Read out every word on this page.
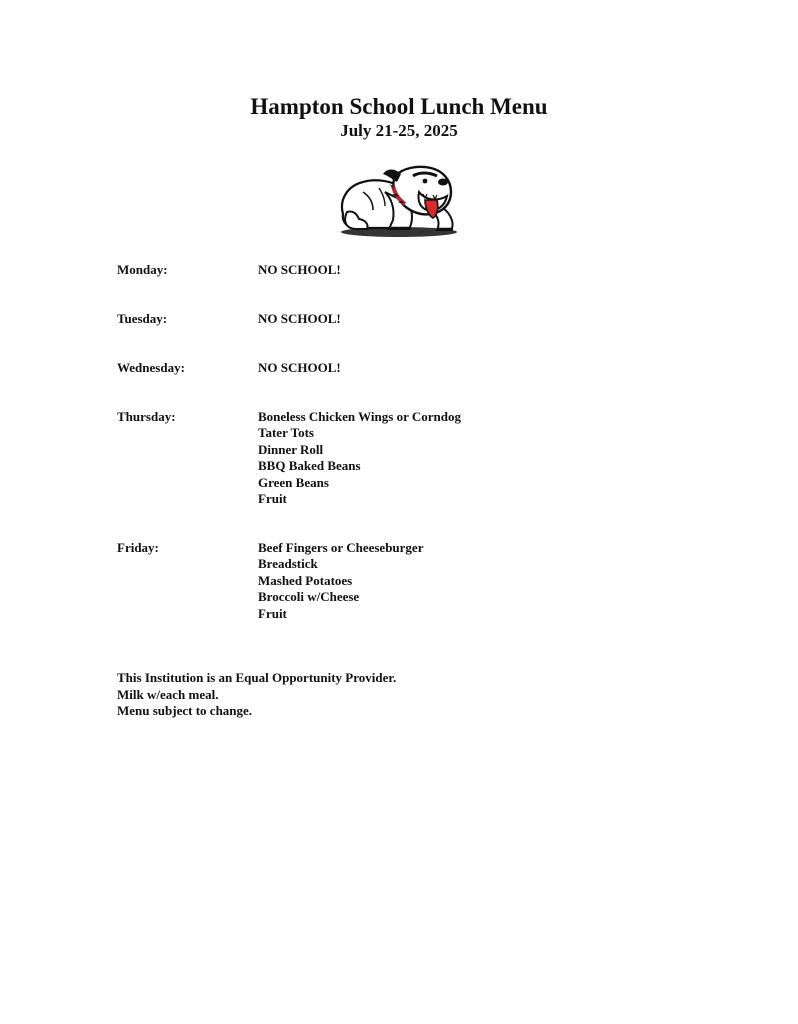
Hampton School Lunch Menu
July 21-25, 2025
Monday:	NO SCHOOL!
Tuesday:	NO SCHOOL!
Wednesday:	NO SCHOOL!
Thursday:	Boneless Chicken Wings or Corndog
Tater Tots
Dinner Roll
BBQ Baked Beans
Green Beans
Fruit
Friday:	Beef Fingers or Cheeseburger
Breadstick
Mashed Potatoes
Broccoli w/Cheese
Fruit
This Institution is an Equal Opportunity Provider.
Milk w/each meal.
Menu subject to change.
